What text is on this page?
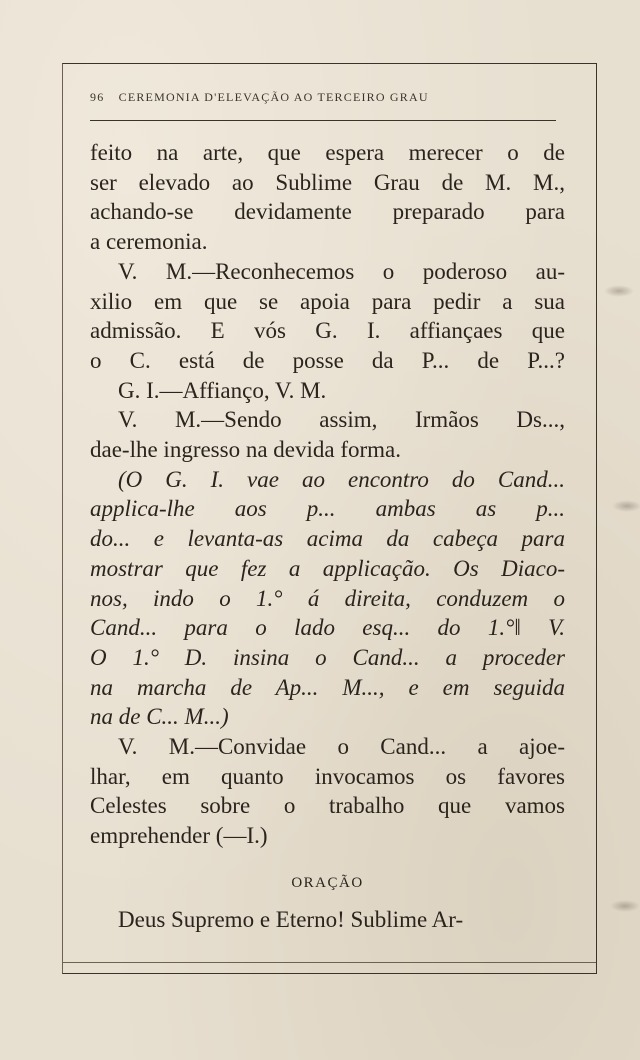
96 CEREMONIA D'ELEVAÇÃO AO TERCEIRO GRAU
feito na arte, que espera merecer o de
ser elevado ao Sublime Grau de M. M.,
achando-se devidamente preparado para
a ceremonia.
V. M.—Reconhecemos o poderoso au-
xilio em que se apoia para pedir a sua
admissão. E vós G. I. affiançaes que
o C. está de posse da P... de P...?
G. I.—Affianço, V. M.
V. M.—Sendo assim, Irmãos Ds...,
dae-lhe ingresso na devida forma.
(O G. I. vae ao encontro do Cand...
applica-lhe aos p... ambas as p...
do... e levanta-as acima da cabeça para
mostrar que fez a applicação. Os Diaco-
nos, indo o 1.° á direita, conduzem o
Cand... para o lado esq... do 1.°‖ V.
O 1.° D. insina o Cand... a proceder
na marcha de Ap... M..., e em seguida
na de C... M...)
V. M.—Convidae o Cand... a ajoe-
lhar, em quanto invocamos os favores
Celestes sobre o trabalho que vamos
emprehender (—I.)
ORAÇÃO
Deus Supremo e Eterno! Sublime Ar-
